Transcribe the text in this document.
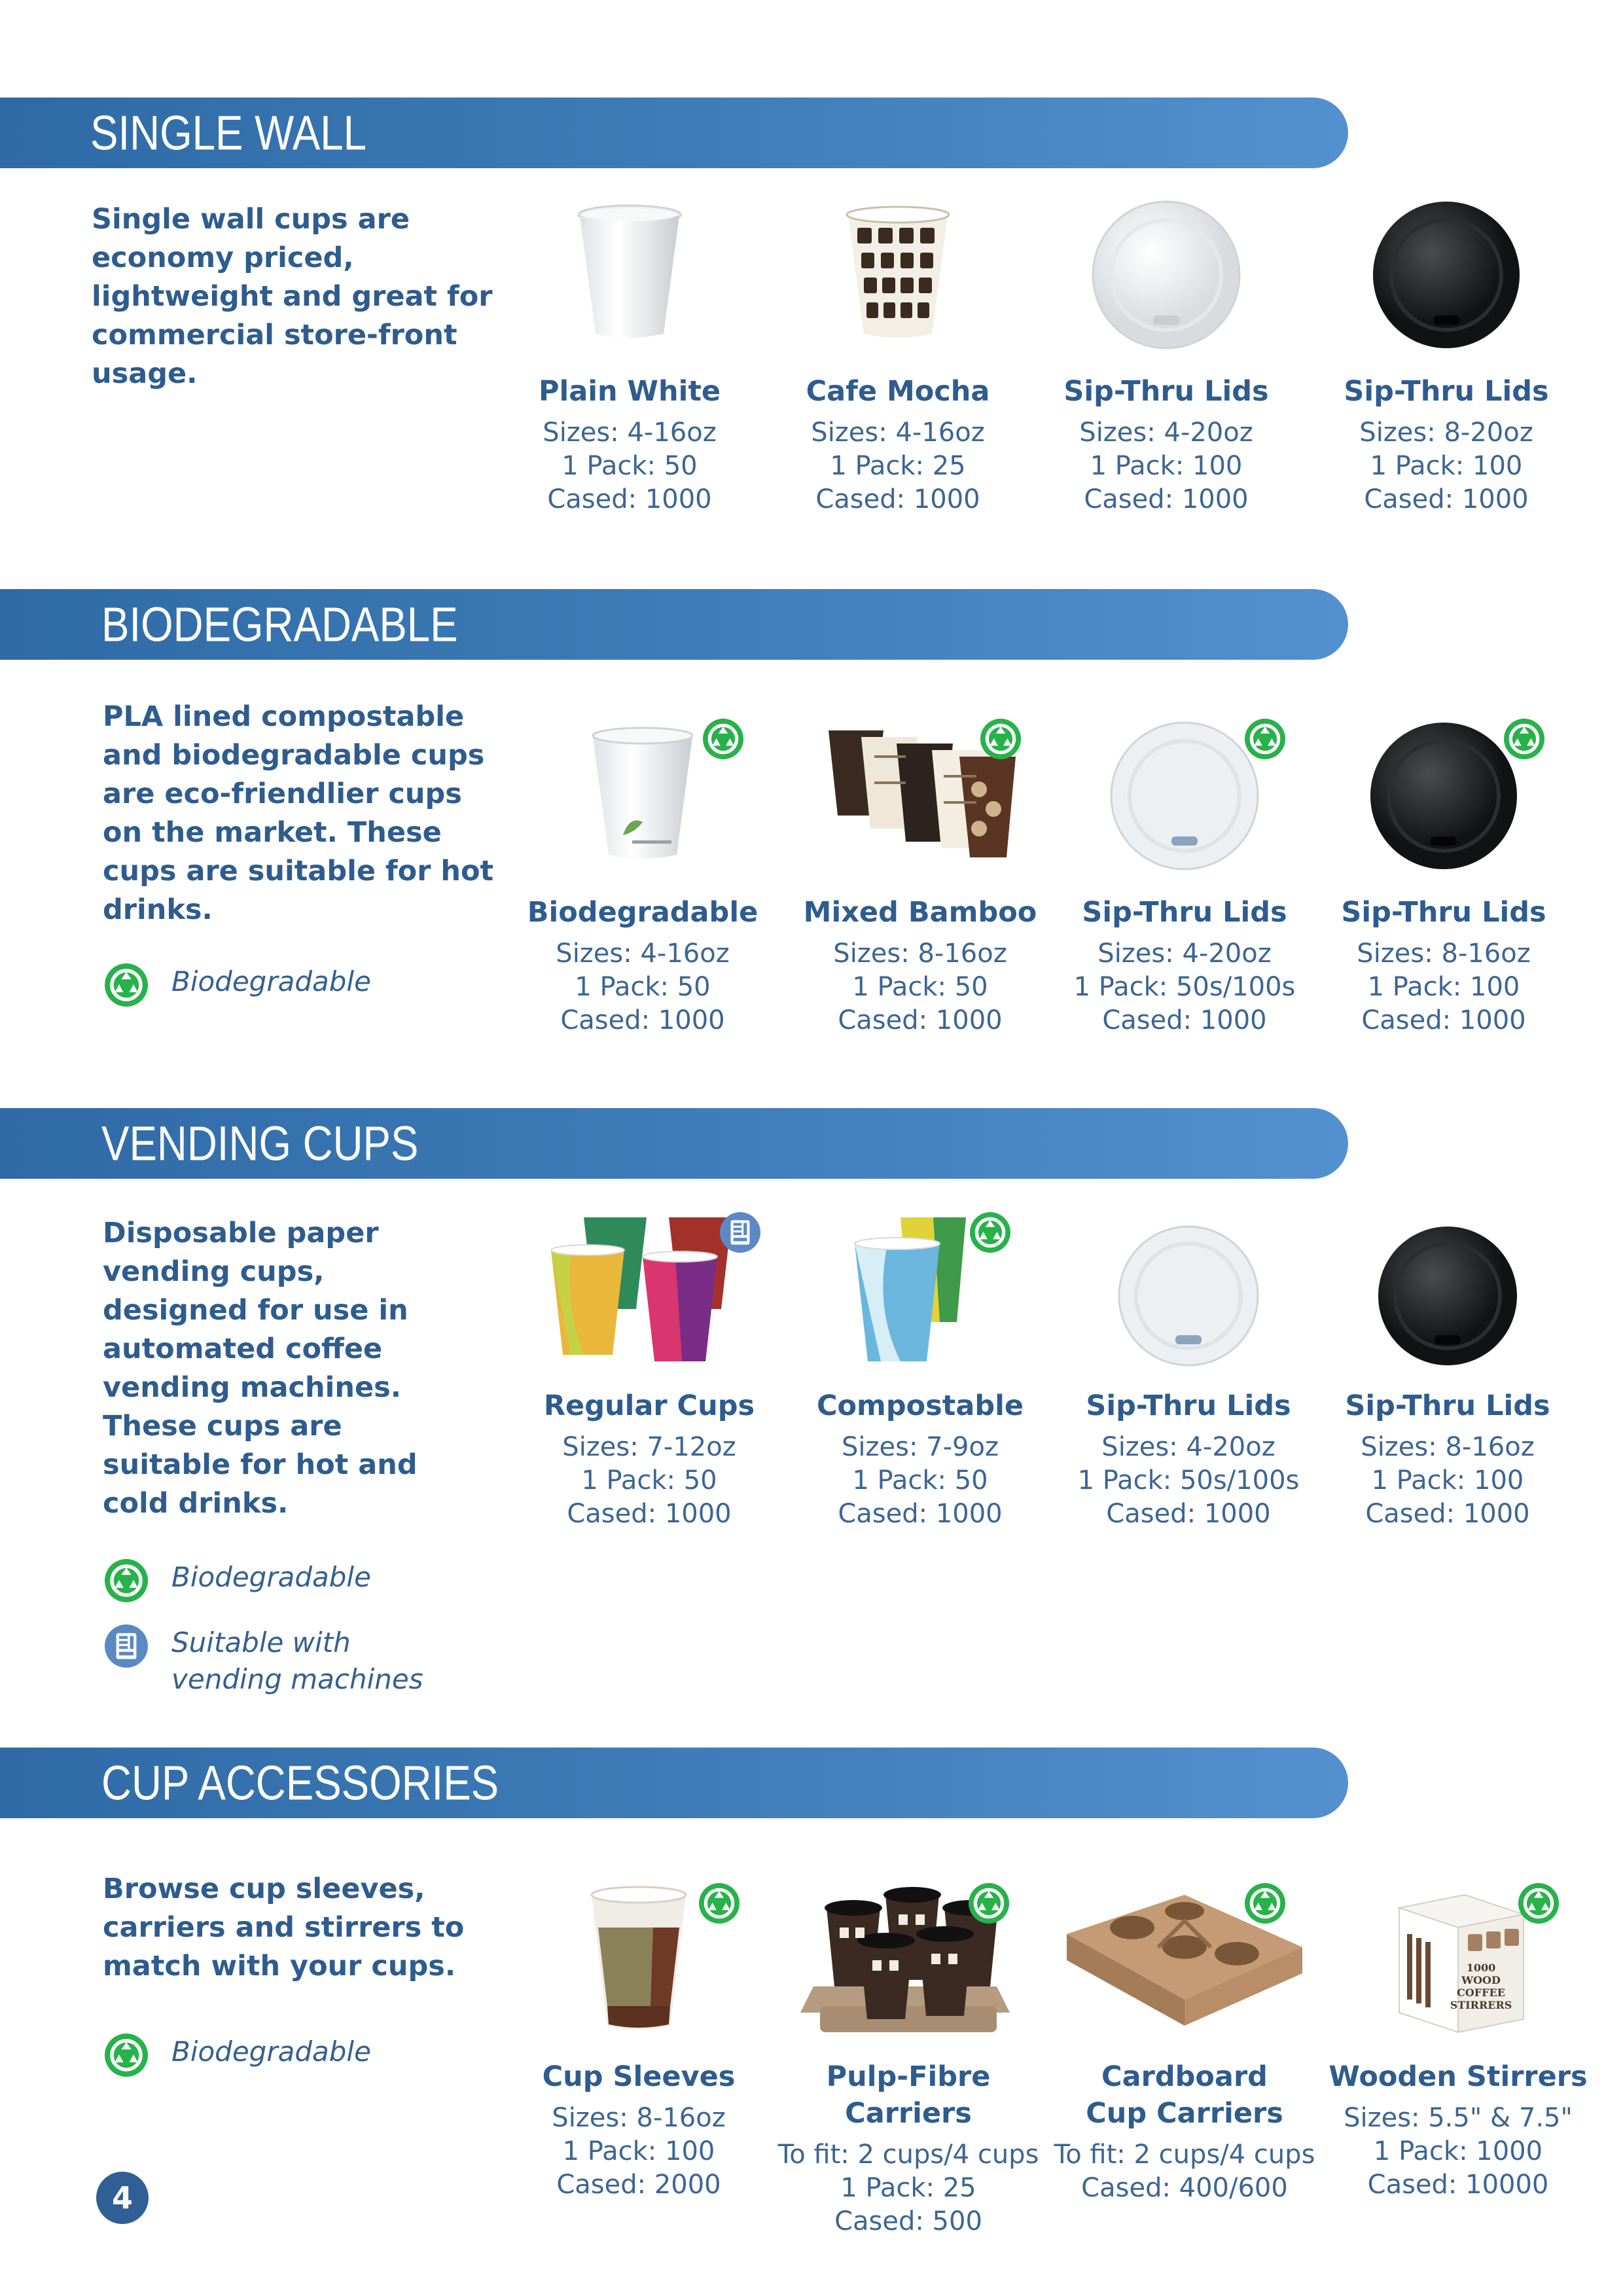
SINGLE WALL
Single wall cups are
economy priced,
lightweight and great for
commercial store-front
usage.
Plain White
Sizes: 4-16oz
1 Pack: 50
Cased: 1000
Cafe Mocha
Sizes: 4-16oz
1 Pack: 25
Cased: 1000
Sip-Thru Lids
Sizes: 4-20oz
1 Pack: 100
Cased: 1000
Sip-Thru Lids
Sizes: 8-20oz
1 Pack: 100
Cased: 1000
BIODEGRADABLE
PLA lined compostable
and biodegradable cups
are eco-friendlier cups
on the market. These
cups are suitable for hot
drinks.
Biodegradable
Biodegradable
Sizes: 4-16oz
1 Pack: 50
Cased: 1000
Mixed Bamboo
Sizes: 8-16oz
1 Pack: 50
Cased: 1000
Sip-Thru Lids
Sizes: 4-20oz
1 Pack: 50s/100s
Cased: 1000
Sip-Thru Lids
Sizes: 8-16oz
1 Pack: 100
Cased: 1000
VENDING CUPS
Disposable paper
vending cups,
designed for use in
automated coffee
vending machines.
These cups are
suitable for hot and
cold drinks.
Biodegradable
Suitable with
vending machines
Regular Cups
Sizes: 7-12oz
1 Pack: 50
Cased: 1000
Compostable
Sizes: 7-9oz
1 Pack: 50
Cased: 1000
Sip-Thru Lids
Sizes: 4-20oz
1 Pack: 50s/100s
Cased: 1000
Sip-Thru Lids
Sizes: 8-16oz
1 Pack: 100
Cased: 1000
CUP ACCESSORIES
Browse cup sleeves,
carriers and stirrers to
match with your cups.
Biodegradable
Cup Sleeves
Sizes: 8-16oz
1 Pack: 100
Cased: 2000
Pulp-Fibre Carriers
To fit: 2 cups/4 cups
1 Pack: 25
Cased: 500
Cardboard
Cup Carriers
To fit: 2 cups/4 cups
Cased: 400/600
1000
WOOD
COFFEE
STIRRERS
Wooden Stirrers
Sizes: 5.5" & 7.5"
1 Pack: 1000
Cased: 10000
4
